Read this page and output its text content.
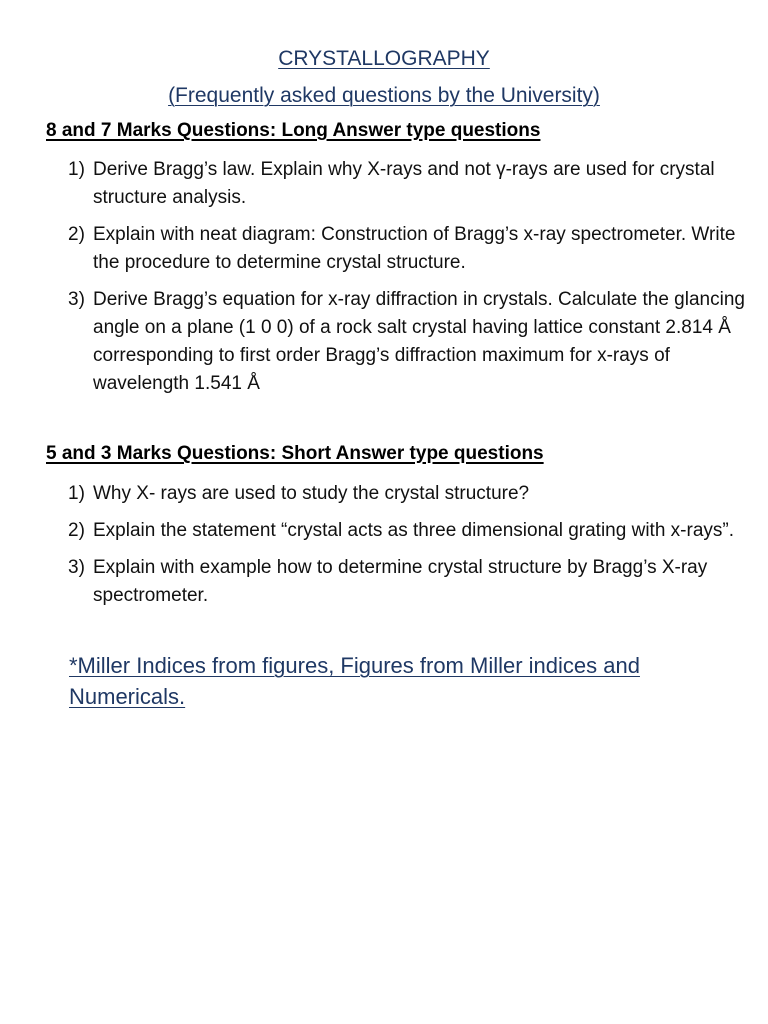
CRYSTALLOGRAPHY
(Frequently asked questions by the University)
8 and 7 Marks Questions: Long Answer type questions
1) Derive Bragg’s law. Explain why X-rays and not γ-rays are used for crystal structure analysis.
2) Explain with neat diagram: Construction of Bragg’s x-ray spectrometer. Write the procedure to determine crystal structure.
3) Derive Bragg’s equation for x-ray diffraction in crystals. Calculate the glancing angle on a plane (1 0 0) of a rock salt crystal having lattice constant 2.814 Å corresponding to first order Bragg’s diffraction maximum for x-rays of wavelength 1.541 Å
5 and 3 Marks Questions: Short Answer type questions
1) Why X- rays are used to study the crystal structure?
2) Explain the statement “crystal acts as three dimensional grating with x-rays”.
3) Explain with example how to determine crystal structure by Bragg’s X-ray spectrometer.
*Miller Indices from figures, Figures from Miller indices and Numericals.
